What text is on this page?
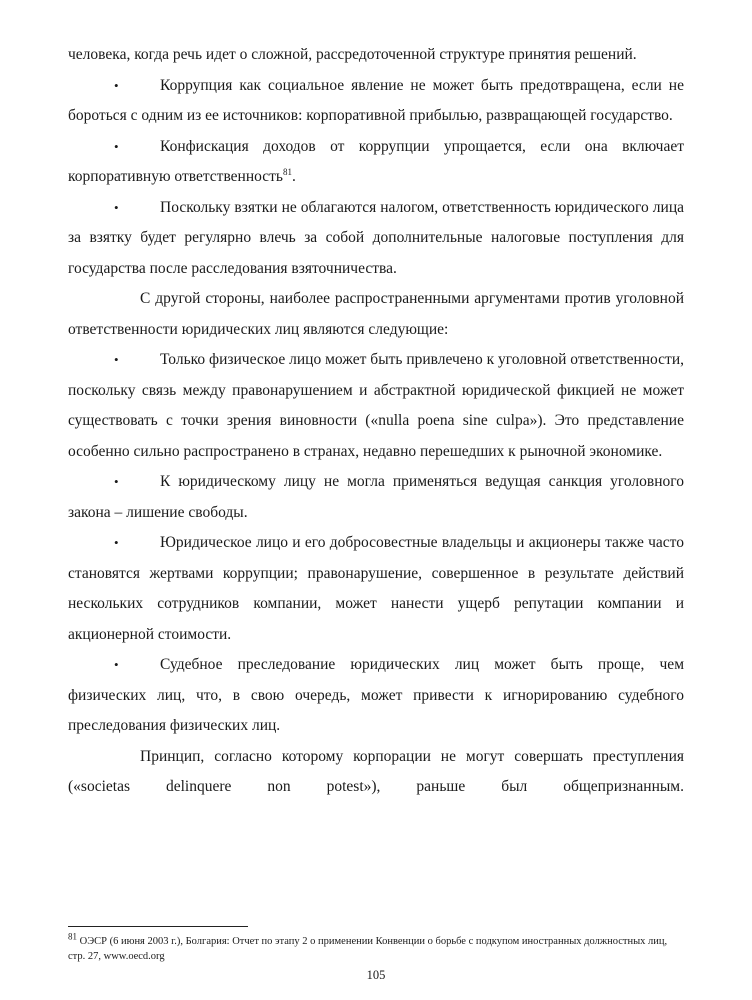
человека, когда речь идет о сложной, рассредоточенной структуре принятия решений.

•	Коррупция как социальное явление не может быть предотвращена, если не бороться с одним из ее источников: корпоративной прибылью, развращающей государство.

•	Конфискация доходов от коррупции упрощается, если она включает корпоративную ответственность$^{81}$.

•	Поскольку взятки не облагаются налогом, ответственность юридического лица за взятку будет регулярно влечь за собой дополнительные налоговые поступления для государства после расследования взяточничества.

С другой стороны, наиболее распространенными аргументами против уголовной ответственности юридических лиц являются следующие:

•	Только физическое лицо может быть привлечено к уголовной ответственности, поскольку связь между правонарушением и абстрактной юридической фикцией не может существовать с точки зрения виновности («nulla poena sine culpa»). Это представление особенно сильно распространено в странах, недавно перешедших к рыночной экономике.

•	К юридическому лицу не могла применяться ведущая санкция уголовного закона – лишение свободы.

•	Юридическое лицо и его добросовестные владельцы и акционеры также часто становятся жертвами коррупции; правонарушение, совершенное в результате действий нескольких сотрудников компании, может нанести ущерб репутации компании и акционерной стоимости.

•	Судебное преследование юридических лиц может быть проще, чем физических лиц, что, в свою очередь, может привести к игнорированию судебного преследования физических лиц.

Принцип, согласно которому корпорации не могут совершать преступления («societas delinquere non potest»), раньше был общепризнанным.

$^{81}$ ОЭСР (6 июня 2003 г.), Болгария: Отчет по этапу 2 о применении Конвенции о борьбе с подкупом иностранных должностных лиц, стр. 27, www.oecd.org
105
